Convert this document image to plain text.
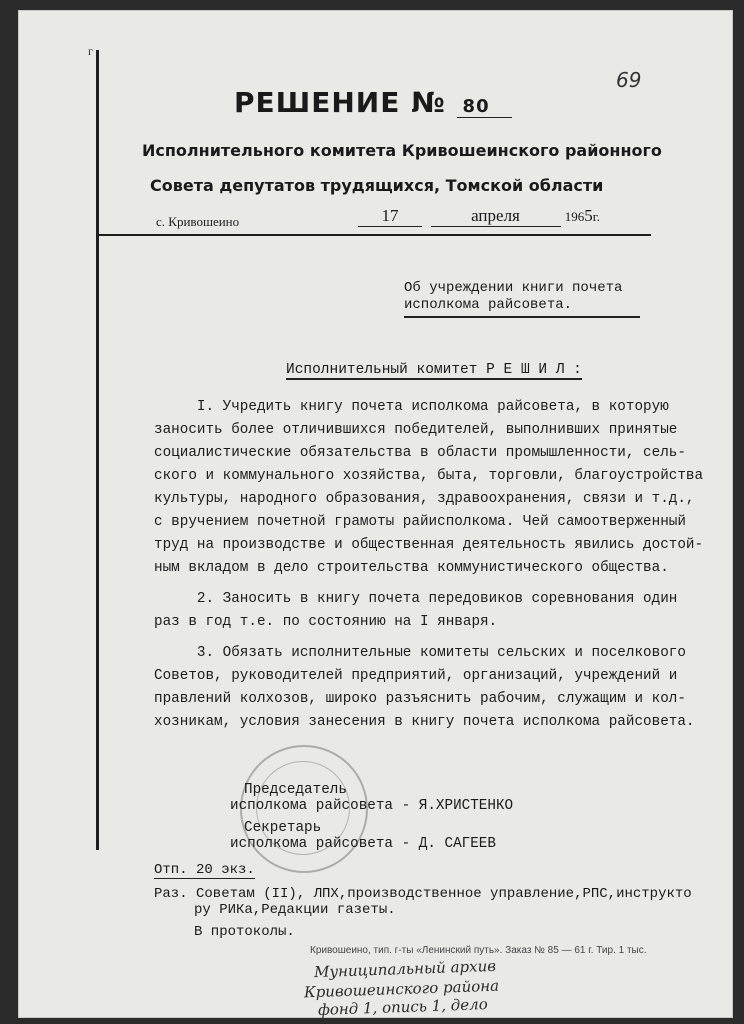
г
69
РЕШЕНИЕ № 80
Исполнительного комитета Кривошеинского районного
Совета депутатов трудящихся, Томской области
с. Кривошеино	17	апреля	1965г.
Об учреждении книги почета
исполкома райсовета.
Исполнительный комитет Р Е Ш И Л :

I. Учредить книгу почета исполкома райсовета, в которую
заносить более отличившихся победителей, выполнивших принятые
социалистические обязательства в области промышленности, сель-
ского и коммунального хозяйства, быта, торговли, благоустройства
культуры, народного образования, здравоохранения, связи и т.д.,
с вручением почетной грамоты райисполкома. Чей самоотверженный
труд на производстве и общественная деятельность явились достой-
ным вкладом в дело строительства коммунистического общества.

2. Заносить в книгу почета передовиков соревнования один
раз в год т.е. по состоянию на I января.

3. Обязать исполнительные комитеты сельских и поселкового
Советов, руководителей предприятий, организаций, учреждений и
правлений колхозов, широко разъяснить рабочим, служащим и кол-
хозникам, условия занесения в книгу почета исполкома райсовета.

Председатель
исполкома райсовета - Я.ХРИСТЕНКО
Секретарь
исполкома райсовета - Д. САГЕЕВ
Отп. 20 экз.
Раз. Советам (II), ЛПХ,производственное управление,РПС,инструкто
ру РИКа,Редакции газеты.
В протоколы.
Кривошеино, тип. г-ты «Ленинский путь». Заказ № 85 — 61 г. Тир. 1 тыс.
Муниципальный архив
Кривошеинского района
фонд 1, опись 1, дело
